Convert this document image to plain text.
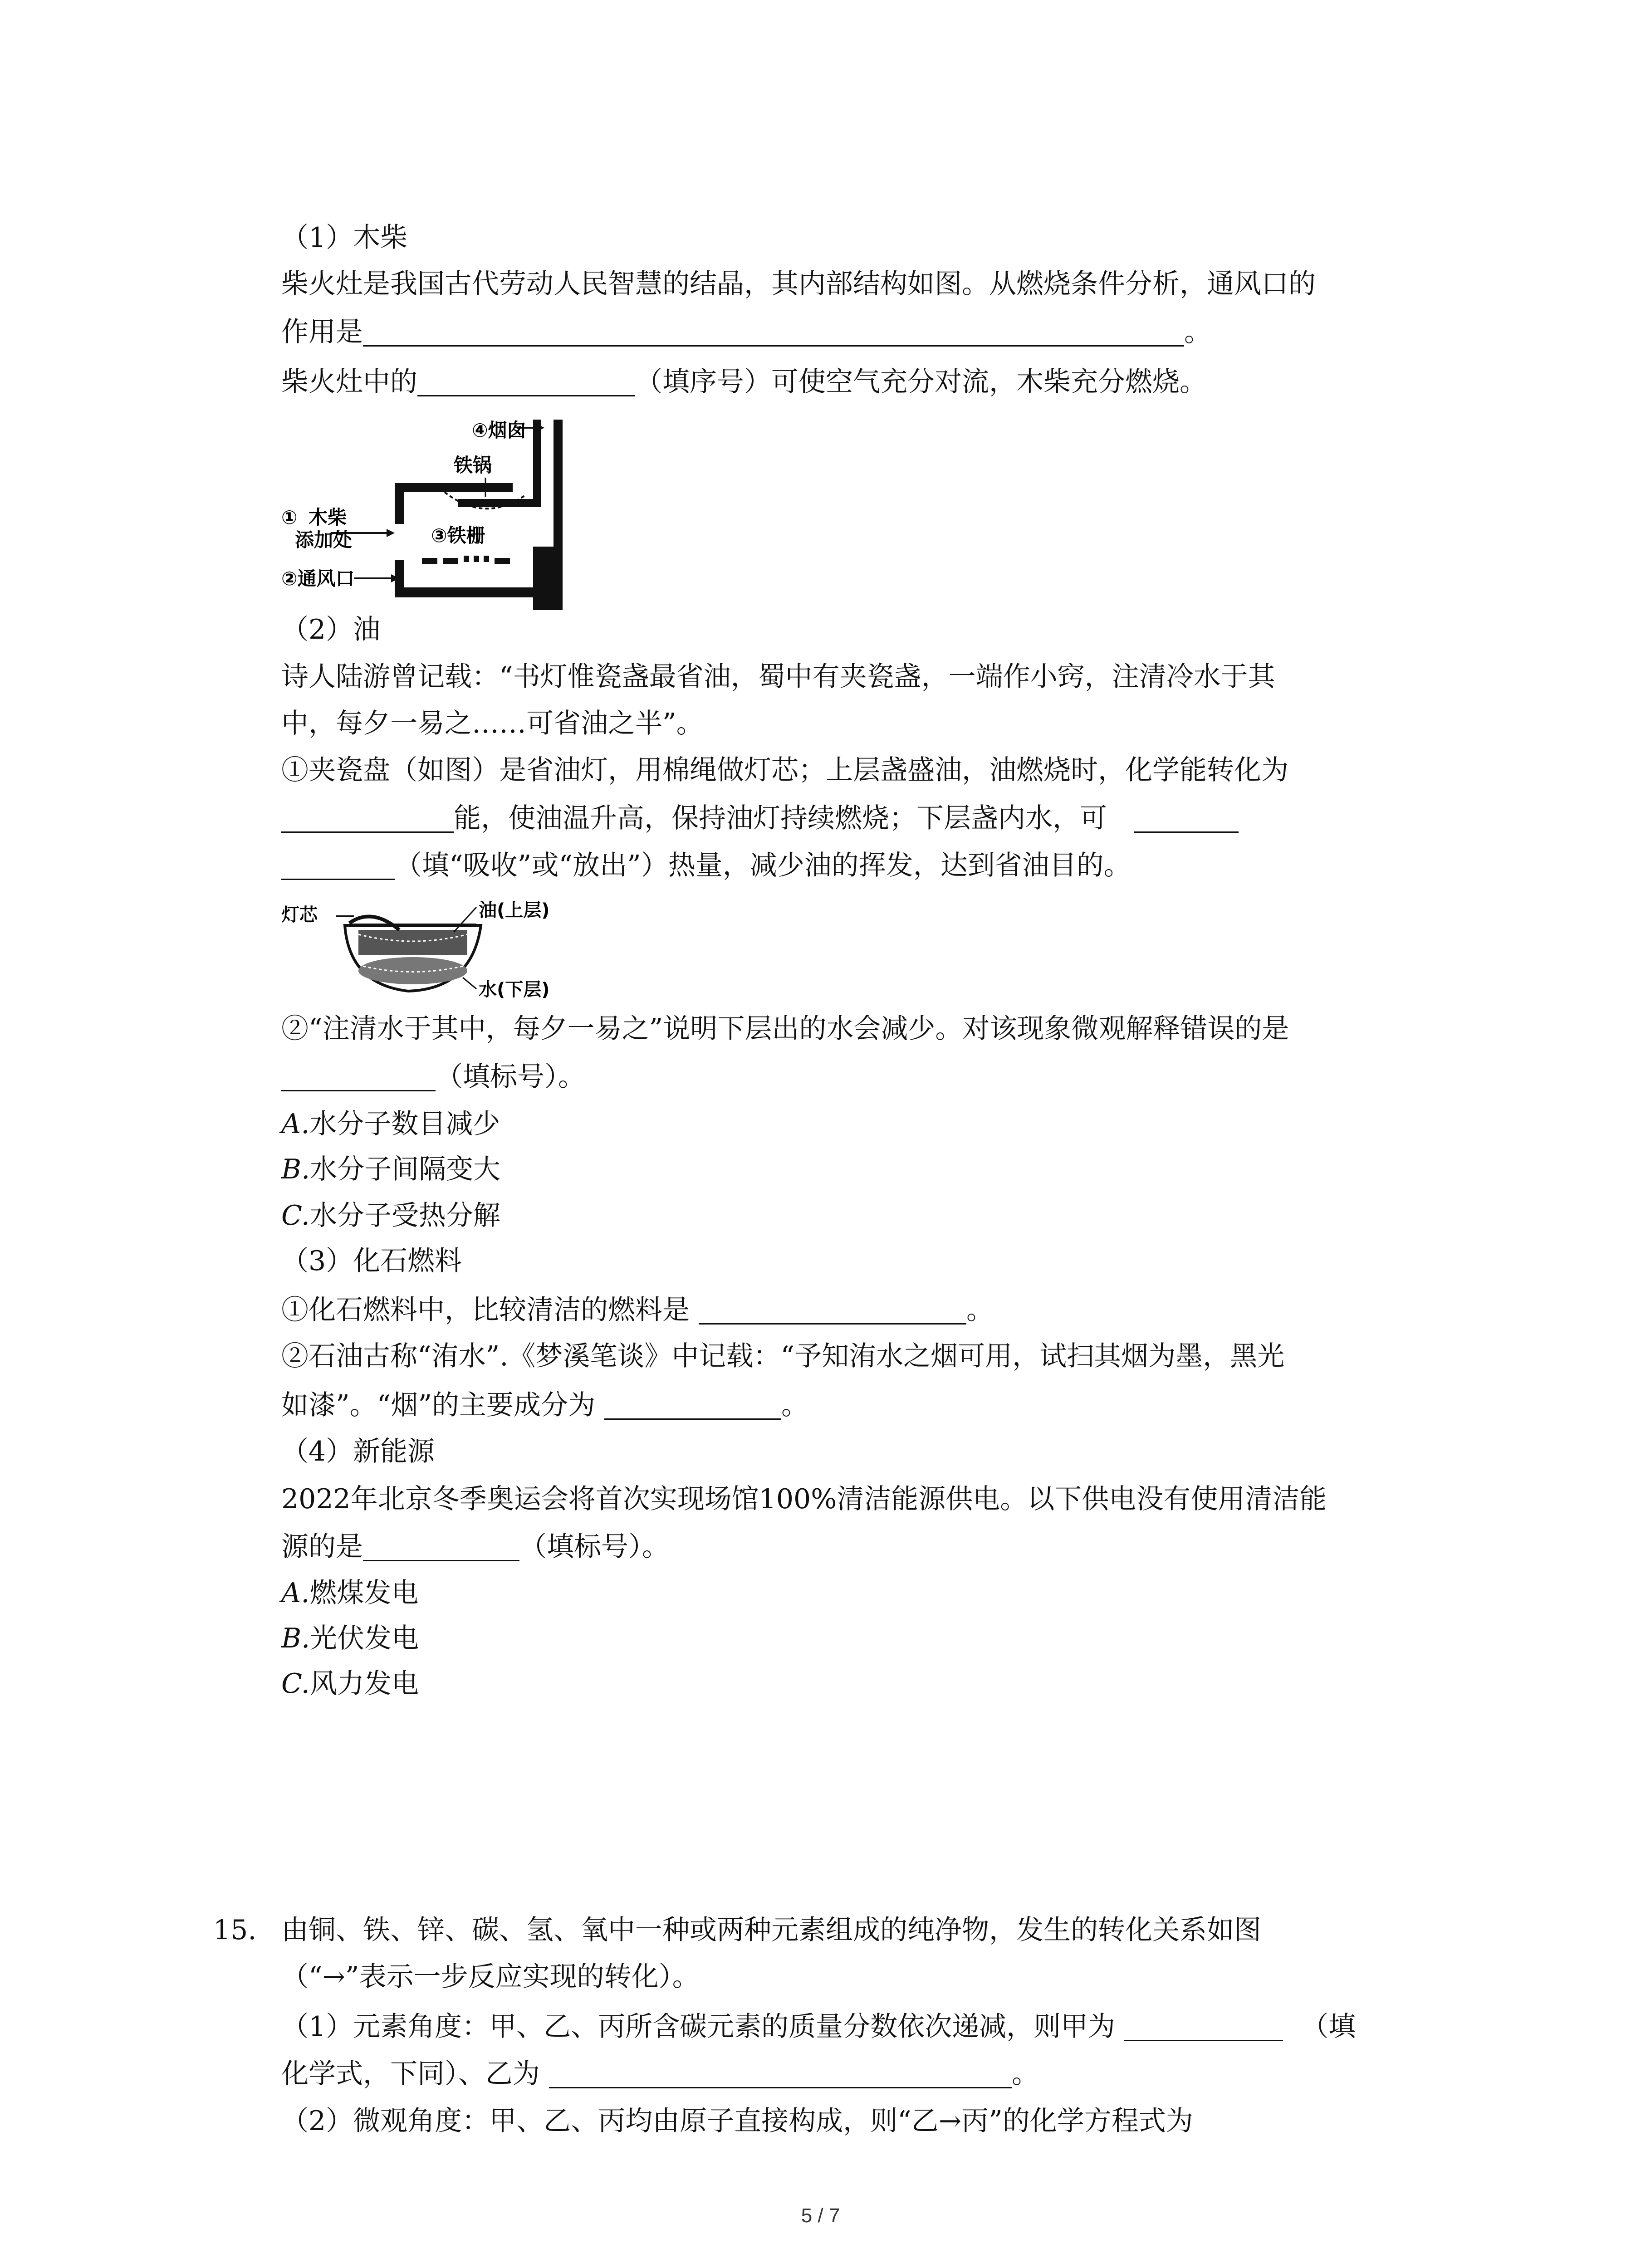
（1）木柴
柴火灶是我国古代劳动人民智慧的结晶，其内部结构如图。从燃烧条件分析，通风口的
作用是	。
柴火灶中的	（填序号）可使空气充分对流，木柴充分燃烧。
④烟囱
铁锅
① 木柴
添加处	③铁栅
②通风口
（2）油
诗人陆游曾记载：“书灯惟瓷盏最省油，蜀中有夹瓷盏，一端作小窍，注清冷水于其
中，每夕一易之……可省油之半”。
①夹瓷盘（如图）是省油灯，用棉绳做灯芯；上层盏盛油，油燃烧时，化学能转化为
能，使油温升高，保持油灯持续燃烧；下层盏内水，可
（填“吸收”或“放出”）热量，减少油的挥发，达到省油目的。
灯芯	油(上层)
水(下层)
②“注清水于其中，每夕一易之”说明下层出的水会减少。对该现象微观解释错误的是
（填标号）。
A.水分子数目减少
B.水分子间隔变大
C.水分子受热分解
（3）化石燃料
①化石燃料中，比较清洁的燃料是	。
②石油古称“洧水”.《梦溪笔谈》中记载：“予知洧水之烟可用，试扫其烟为墨，黑光
如漆”。“烟”的主要成分为	。
（4）新能源
2022年北京冬季奥运会将首次实现场馆100%清洁能源供电。以下供电没有使用清洁能
源的是	（填标号）。
A.燃煤发电
B.光伏发电
C.风力发电
15. 由铜、铁、锌、碳、氢、氧中一种或两种元素组成的纯净物，发生的转化关系如图
（“→”表示一步反应实现的转化）。
（1）元素角度：甲、乙、丙所含碳元素的质量分数依次递减，则甲为	（填
化学式，下同）、乙为	。
（2）微观角度：甲、乙、丙均由原子直接构成，则“乙→丙”的化学方程式为
5 / 7
